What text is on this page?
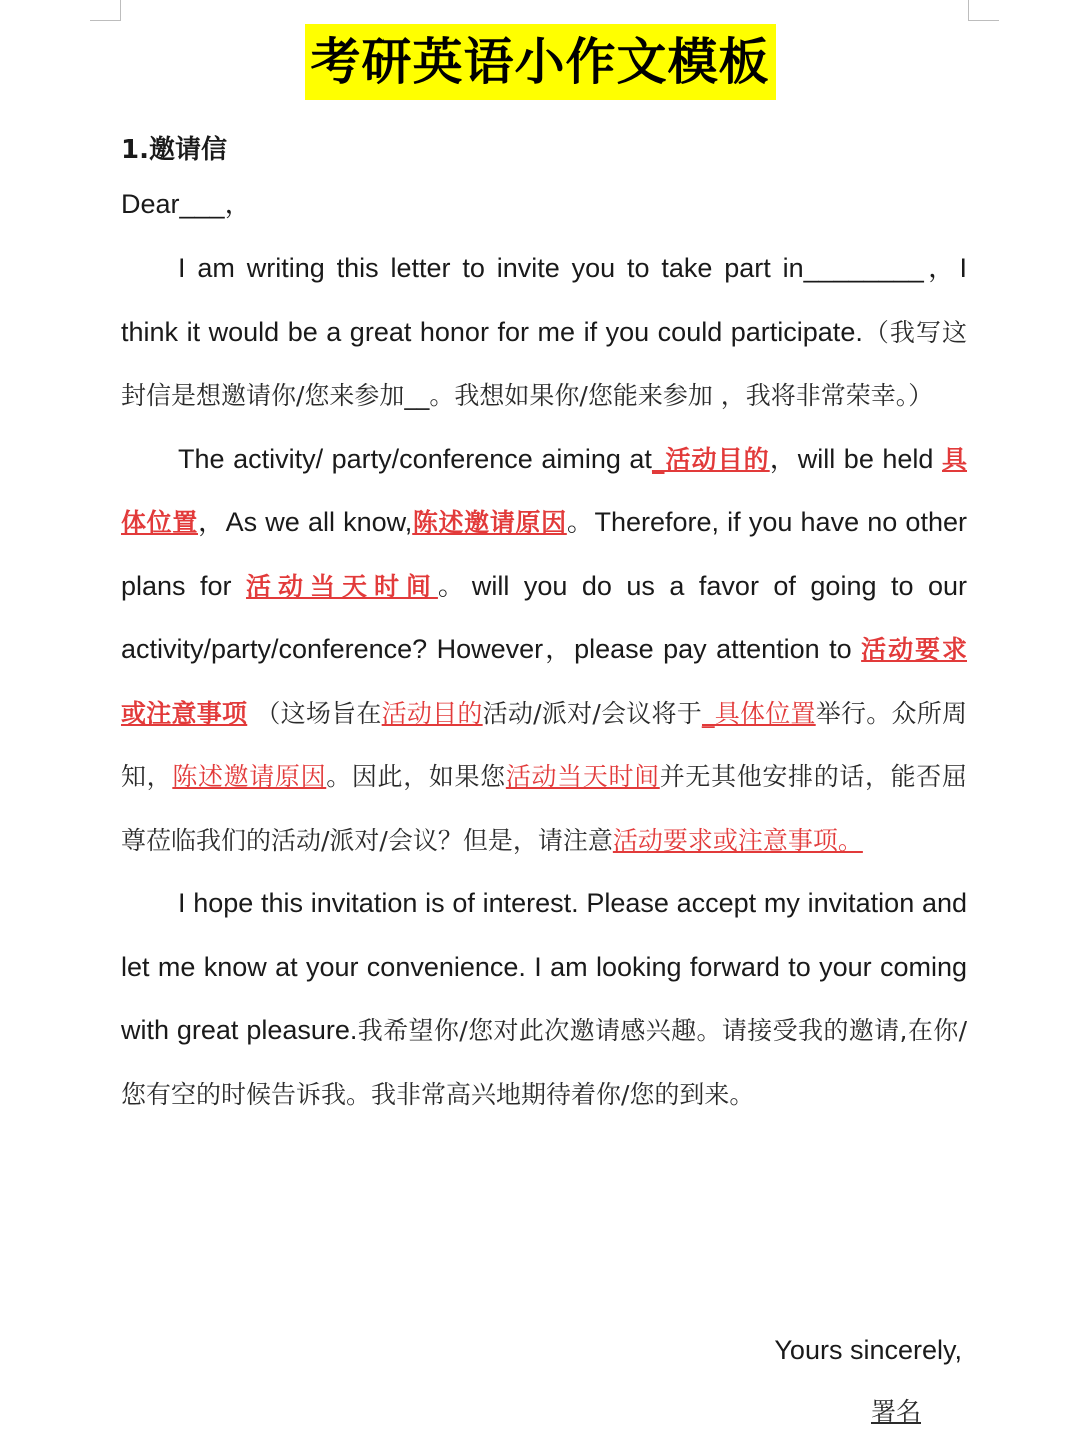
考研英语小作文模板
1.邀请信
Dear___，

I am writing this letter to invite you to take part in________，I think it would be a great honor for me if you could participate.（我写这封信是想邀请你/您来参加__。我想如果你/您能来参加 ，我将非常荣幸。）

The activity/ party/conference aiming at_活动目的，will be held 具体位置，As we all know,陈述邀请原因。Therefore, if you have no other plans for 活动当天时间。will you do us a favor of going to our activity/party/conference? However，please pay attention to 活动要求或注意事项 （这场旨在活动目的活动/派对/会议将于_具体位置举行。众所周知，陈述邀请原因。因此，如果您活动当天时间并无其他安排的话，能否屈尊莅临我们的活动/派对/会议？但是，请注意活动要求或注意事项。

I hope this invitation is of interest. Please accept my invitation and let me know at your convenience. I am looking forward to your coming with great pleasure.我希望你/您对此次邀请感兴趣。请接受我的邀请,在你/您有空的时候告诉我。我非常高兴地期待着你/您的到来。

Yours sincerely,
署名
